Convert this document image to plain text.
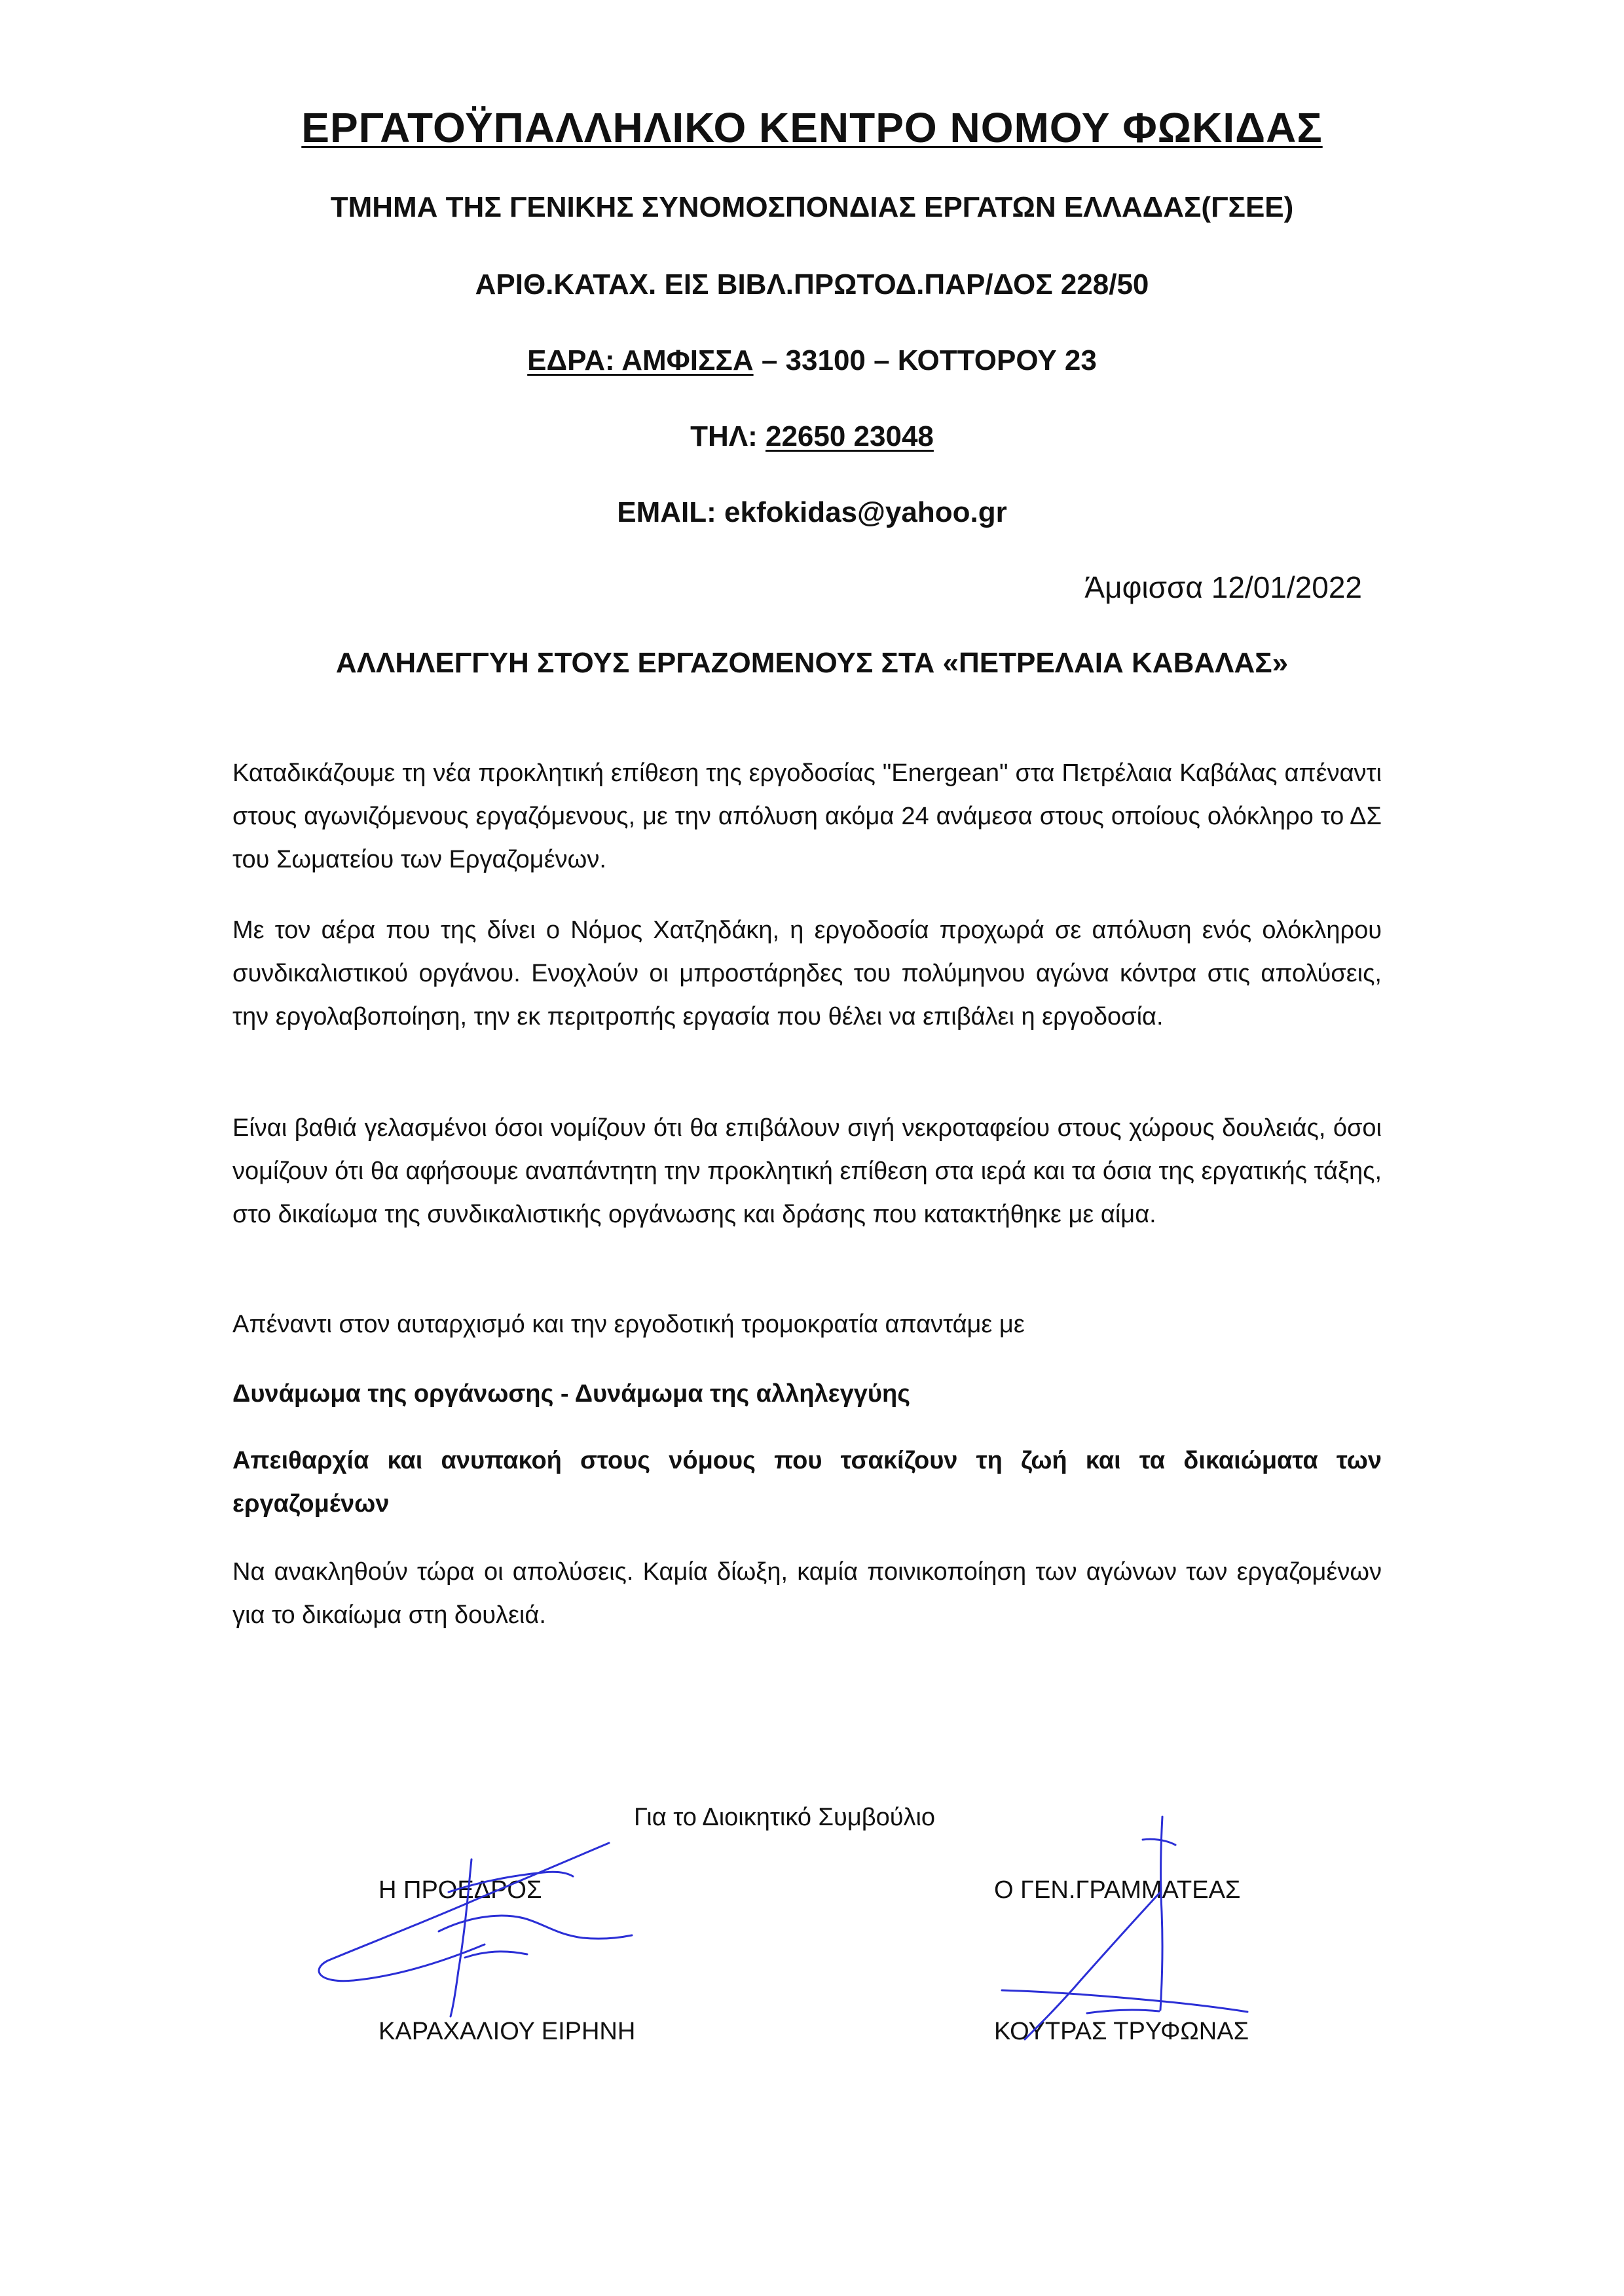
ΕΡΓΑΤΟΫΠΑΛΛΗΛΙΚΟ ΚΕΝΤΡΟ ΝΟΜΟΥ ΦΩΚΙΔΑΣ
ΤΜΗΜΑ ΤΗΣ ΓΕΝΙΚΗΣ ΣΥΝΟΜΟΣΠΟΝΔΙΑΣ ΕΡΓΑΤΩΝ ΕΛΛΑΔΑΣ(ΓΣΕΕ)
ΑΡΙΘ.ΚΑΤΑΧ. ΕΙΣ ΒΙΒΛ.ΠΡΩΤΟΔ.ΠΑΡ/ΔΟΣ 228/50
ΕΔΡΑ: ΑΜΦΙΣΣΑ – 33100 – ΚΟΤΤΟΡΟΥ 23
ΤΗΛ: 22650 23048
EMAIL: ekfokidas@yahoo.gr
Άμφισσα 12/01/2022
ΑΛΛΗΛΕΓΓΥΗ ΣΤΟΥΣ ΕΡΓΑΖΟΜΕΝΟΥΣ ΣΤΑ «ΠΕΤΡΕΛΑΙΑ ΚΑΒΑΛΑΣ»
Καταδικάζουμε τη νέα προκλητική επίθεση της εργοδοσίας "Energean" στα Πετρέλαια Καβάλας απέναντι στους αγωνιζόμενους εργαζόμενους, με την απόλυση ακόμα 24 ανάμεσα στους οποίους ολόκληρο το ΔΣ του Σωματείου των Εργαζομένων.
Με τον αέρα που της δίνει ο Νόμος Χατζηδάκη, η εργοδοσία προχωρά σε απόλυση ενός ολόκληρου συνδικαλιστικού οργάνου. Ενοχλούν οι μπροστάρηδες του πολύμηνου αγώνα κόντρα στις απολύσεις, την εργολαβοποίηση, την εκ περιτροπής εργασία που θέλει να επιβάλει η εργοδοσία.
Είναι βαθιά γελασμένοι όσοι νομίζουν ότι θα επιβάλουν σιγή νεκροταφείου στους χώρους δουλειάς, όσοι νομίζουν ότι θα αφήσουμε αναπάντητη την προκλητική επίθεση στα ιερά και τα όσια της εργατικής τάξης, στο δικαίωμα της συνδικαλιστικής οργάνωσης και δράσης που κατακτήθηκε με αίμα.
Απέναντι στον αυταρχισμό και την εργοδοτική τρομοκρατία απαντάμε με
Δυνάμωμα της οργάνωσης - Δυνάμωμα της αλληλεγγύης
Απειθαρχία και ανυπακοή στους νόμους που τσακίζουν τη ζωή και τα δικαιώματα των εργαζομένων
Να ανακληθούν τώρα οι απολύσεις. Καμία δίωξη, καμία ποινικοποίηση των αγώνων των εργαζομένων για το δικαίωμα στη δουλειά.
Για το Διοικητικό Συμβούλιο
Η ΠΡΟΕΔΡΟΣ	Ο ΓΕΝ.ΓΡΑΜΜΑΤΕΑΣ
ΚΑΡΑΧΑΛΙΟΥ ΕΙΡΗΝΗ	ΚΟΥΤΡΑΣ ΤΡΥΦΩΝΑΣ
